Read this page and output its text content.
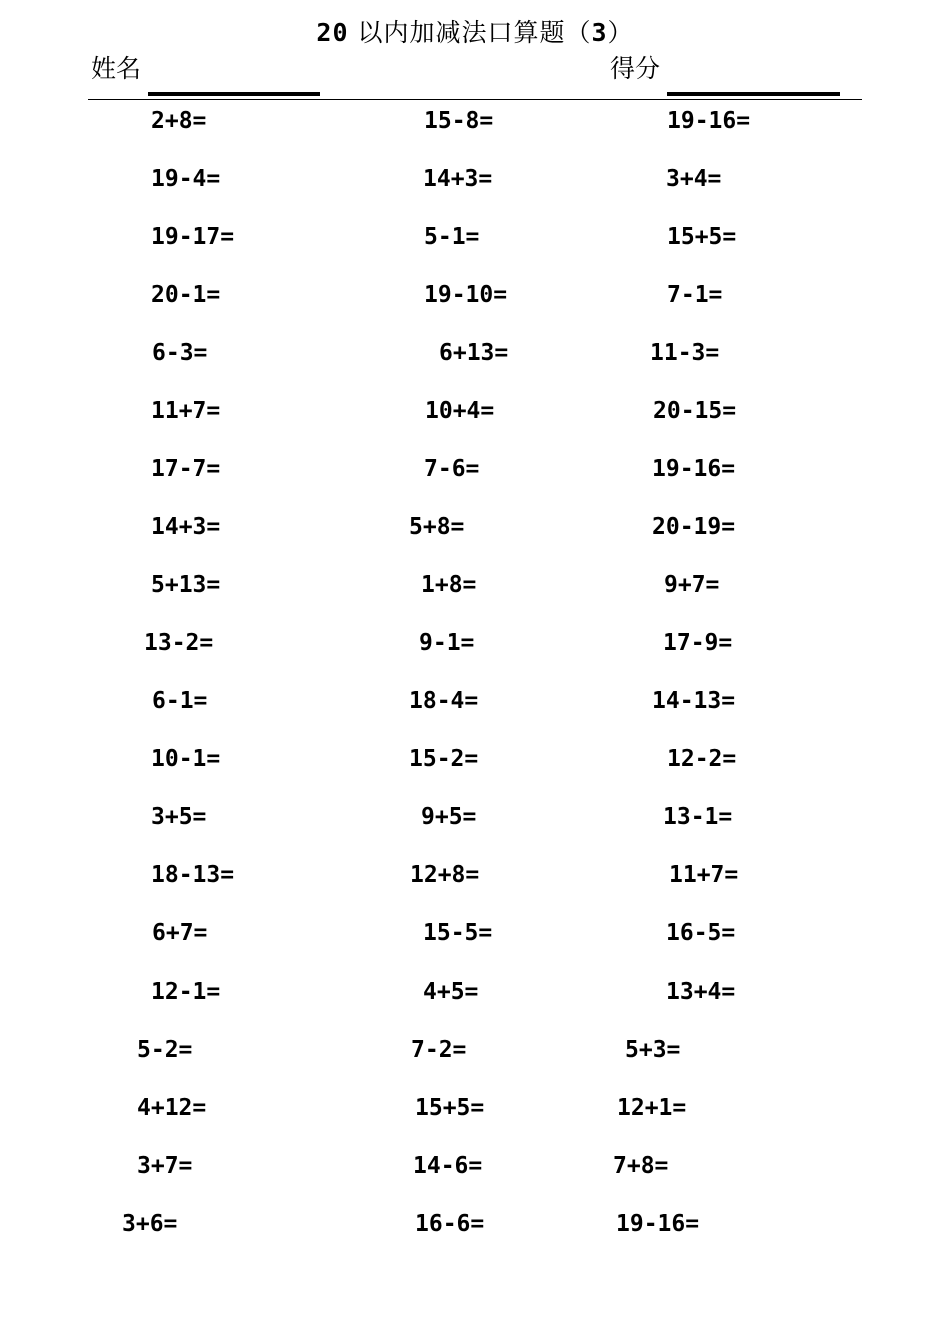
20 以内加减法口算题（3）
姓名	得分
2+8=	15-8=	19-16=
19-4=	14+3=	3+4=
19-17=	5-1=	15+5=
20-1=	19-10=	7-1=
6-3=	6+13=	11-3=
11+7=	10+4=	20-15=
17-7=	7-6=	19-16=
14+3=	5+8=	20-19=
5+13=	1+8=	9+7=
13-2=	9-1=	17-9=
6-1=	18-4=	14-13=
10-1=	15-2=	12-2=
3+5=	9+5=	13-1=
18-13=	12+8=	11+7=
6+7=	15-5=	16-5=
12-1=	4+5=	13+4=
5-2=	7-2=	5+3=
4+12=	15+5=	12+1=
3+7=	14-6=	7+8=
3+6=	16-6=	19-16=
